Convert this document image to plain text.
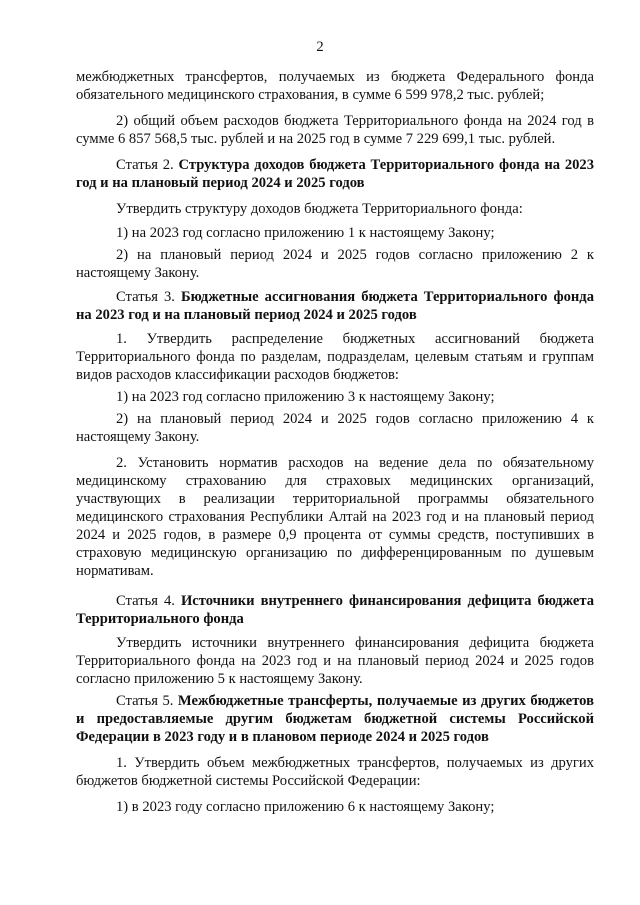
2

межбюджетных трансфертов, получаемых из бюджета Федерального фонда обязательного медицинского страхования, в сумме 6 599 978,2 тыс. рублей;

2) общий объем расходов бюджета Территориального фонда на 2024 год в сумме 6 857 568,5 тыс. рублей и на 2025 год в сумме 7 229 699,1 тыс. рублей.

Статья 2. Структура доходов бюджета Территориального фонда на 2023 год и на плановый период 2024 и 2025 годов

Утвердить структуру доходов бюджета Территориального фонда:

1) на 2023 год согласно приложению 1 к настоящему Закону;

2) на плановый период 2024 и 2025 годов согласно приложению 2 к настоящему Закону.

Статья 3. Бюджетные ассигнования бюджета Территориального фонда на 2023 год и на плановый период 2024 и 2025 годов

1. Утвердить распределение бюджетных ассигнований бюджета Территориального фонда по разделам, подразделам, целевым статьям и группам видов расходов классификации расходов бюджетов:

1) на 2023 год согласно приложению 3 к настоящему Закону;

2) на плановый период 2024 и 2025 годов согласно приложению 4 к настоящему Закону.

2. Установить норматив расходов на ведение дела по обязательному медицинскому страхованию для страховых медицинских организаций, участвующих в реализации территориальной программы обязательного медицинского страхования Республики Алтай на 2023 год и на плановый период 2024 и 2025 годов, в размере 0,9 процента от суммы средств, поступивших в страховую медицинскую организацию по дифференцированным по душевым нормативам.

Статья 4. Источники внутреннего финансирования дефицита бюджета Территориального фонда

Утвердить источники внутреннего финансирования дефицита бюджета Территориального фонда на 2023 год и на плановый период 2024 и 2025 годов согласно приложению 5 к настоящему Закону.

Статья 5. Межбюджетные трансферты, получаемые из других бюджетов и предоставляемые другим бюджетам бюджетной системы Российской Федерации в 2023 году и в плановом периоде 2024 и 2025 годов

1. Утвердить объем межбюджетных трансфертов, получаемых из других бюджетов бюджетной системы Российской Федерации:

1) в 2023 году согласно приложению 6 к настоящему Закону;
